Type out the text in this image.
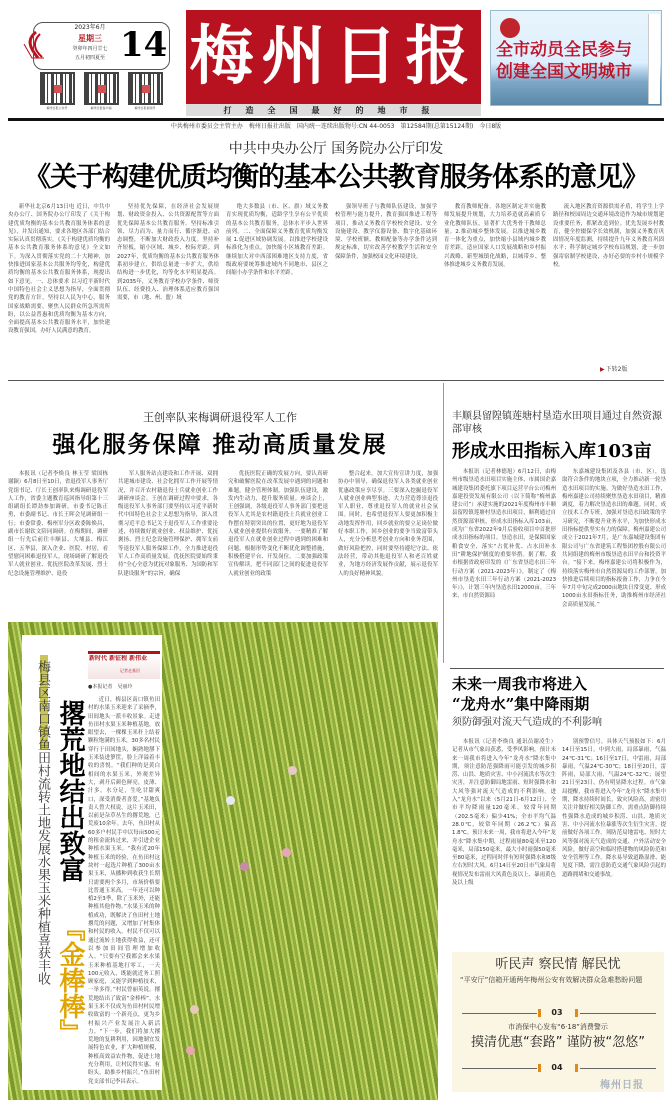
2023年6月
星期三
癸卯年四月廿七
五月初四夏至 14
梅州日报公众号	梅州日报客户端	梅州日报视频号
梅州日报
打造全国最好的地市报
全市动员全民参与
创建全国文明城市
中共梅州市委员会主管主办　梅州日报社出版　国内统一连续出版物号:CN 44-0053　第12584期(总第15124期)　今日8版
中共中央办公厅 国务院办公厅印发
《关于构建优质均衡的基本公共教育服务体系的意见》

新华社北京6月13日电 近日，中共中央办公厅、国务院办公厅印发了《关于构建优质均衡的基本公共教育服务体系的意见》，并发出通知，要求各地区各部门结合实际认真贯彻落实。《关于构建优质均衡的基本公共教育服务体系的意见》全文如下。为深入贯彻落实党的二十大精神，加快推进国家基本公共服务均等化，构建优质均衡的基本公共教育服务体系，现提出如下意见。一、总体要求 以习近平新时代中国特色社会主义思想为指导，全面贯彻党的教育方针，坚持以人民为中心，服务国家战略需要，聚焦人民群众所急所需所盼，以公益普惠和优质均衡为基本方向，全面提高基本公共教育服务水平，加快建设教育强国，办好人民满意的教育。

坚持优先保障，在经济社会发展规划、财政资金投入、公共资源配置等方面优先保障基本公共教育服务。坚持标准引领、尽力而为、量力而行、循序渐进、动态调整，不断加大财政投入力度。坚持补齐短板，缩小区域、城乡、校际差距。到2027年，优质均衡的基本公共教育服务体系初步建立，供给总量进一步扩大，供给结构进一步优化，均等化水平明显提高。到2035年，义务教育学校办学条件、师资队伍、经费投入、治理体系适应教育强国需要，市（地、州、盟）域

绝大多数县（市、区、旗）域义务教育实现优质均衡，适龄学生享有公平优质的基本公共教育服务，总体水平步入世界前列。二、全面保障义务教育优质均衡发展 1.促进区域协调发展。以推进学校建设标准化为重点，加快缩小区域教育差距。继续加大对中西部困难地区支持力度，省级政府要统筹推进域内不同地市、县区之间缩小办学条件和水平差距。

强领导班子与教师队伍建设，加强学校管理与能力提升，教育强国推进工程等项目，推动义务教育学校校舍建设、安全设施建设、教学仪器设备、数字化基础环境、学校班额、教师配备等办学条件达到规定标准，切实改善学校教学生活和安全保障条件，加强校园文化环境建设。

教育教师配备。各地区制定并实施教师发展提升规划，大力培养造就高素质专业化教师队伍，显著扩大优秀骨干教师总量。2.推动城乡整体发展。以推进城乡教育一体化为重点，加快缩小县域内城乡教育差距。适应国家人口发展战略和乡村振兴战略、新型城镇化战略，以城带乡、整体推进城乡义务教育发展。

流入地区教育资源供需矛盾，将学生上学路径和校园周边交通环境改造作为城市规划建设重要任务，抓紧改造到位。优先发展乡村教育，健全控辍保学长效机制，加强义务教育巩固情况年度监测，持续提升九年义务教育巩固水平；科学制定城乡学校布局规划，进一步加强寄宿制学校建设，办好必要的乡村小规模学校。

▶ 下转2版
王创率队来梅调研退役军人工作
强化服务保障 推动高质量发展

本报讯（记者李焕良 林玉莹 梁国栋 谢颖）6月8日至10日，省退役军人事务厅党组书记、厅长王创率队来梅调研退役军人工作，省委主题教育巡回指导组第十三组副组长谭劲参加调研。市委书记陈正勇，市委副书记、市长王晖会见调研组一行；市委常委、梅州军分区政委陈焕昌，副市长谢钦文陪同调研。在梅期间，调研组一行先后前往丰顺县、大埔县、梅江区、五华县，深入企业、医院、村居，看望慰问困难退役军人，现场调研了解退役军人就业创业、优抚医院改革发展、烈士纪念设施管理维护、退役

军人服务站点建设和工作开展、双拥共建城市建设、社会化拥军工作开展等情况，并召开农村籍退役士兵就业创业工作调研座谈会。王创在调研过程中要求，各级退役军人事务部门要坚持以习近平新时代中国特色社会主义思想为指导，深入贯彻习近平总书记关于退役军人工作重要论述，持续做好就业创业、权益维护、优抚褒扬、烈士纪念设施管理保护、拥军支前等退役军人服务保障工作，全力推进退役军人工作高质量发展。优抚医院要始终秉持“全心全意为优抚对象服务、为国防和军队建设服务”的宗旨，确保

优抚医院正确的发展方向，要认真研究和破解医院在改革发展中遇到的问题和难题，健全管理体制，加强队伍建设，激发内生动力，提升服务质量。座谈会上，王创强调，各级退役军人事务部门要把退役军人尤其是农村籍退役士兵就业创业工作摆在特别突出的位置，更好地为退役军人就业创业提供有效服务。一要精准了解退役军人在就业创业过程中遇到的困难和问题，根据形势变化不断优化调整措施，积极搭建平台、开发岗位。二要加强政策宣传解读，把不同部门之间的促进退役军人就业创业的政策

整合起来，加大宣传宣讲力度，加强协办中领导，确保退役军人各类就业创业优惠政策应享尽享。三要深入挖掘退役军人就业创业典型事迹，大力营造尊崇退役军人职业、尊重退役军人的就业社会氛围。同时，也希望退役军人要更加积极主动地发挥作用，回乡就业的要立足岗位做好本职工作，回乡创业的要争当致富带头人，充分分析思考创业方向和业务范围，做好风险把控，同时要坚持遵纪守法、依法经营，带动其他退役军人和老百姓就业，为地方经济发展作贡献，展示退役军人的良好精神风貌。

丰顺县留隍镇莲塘村垦造水田项目通过自然资源部审核
形成水田指标入库103亩

本报讯（记者林德旭）6月12日，由梅州市级垦造水田项目实施主体、市属国企嘉城建设集团委托旗下项目运营平台公司梅州嘉建投资发展有限公司（以下简称“梅州嘉建公司”）承建实施的2021年度梅州市丰顺县留隍镇莲塘村垦造水田项目，顺利通过自然资源部审核，形成水田指标入库103亩，成为广东省2022年9月后验收项目中首批形成水田指标的项目。垦造水田，是保障国家粮食安全，落实“占优补优、占水田补水田”耕地保护制度的重要举措。据了解，我市根据省政府印发的《广东省垦造水田三年行动方案（2021-2023年）》，制定了《梅州市垦造水田三年行动方案（2021-2023年）》，计划三年内垦造水田12000亩。三年来，市自然资源局

东嘉城建设集团及各县（市、区），选取符合条件的地块立项，全力推动新一轮垦造水田项目的实施。为做好垦造水田工作，梅州嘉建公司持续聚焦垦造水田项目，精准调度，着力解决垦造水田的难题。同时，成立技术工作专班，加强对垦造水田政策的学习研究，不断提升业务水平，为加快形成水田指标提供坚实有力的保障。梅州嘉建公司成立于2021年7月，是广东嘉城建设集团有限公司与广东省建筑工程集团控股有限公司共同组建的梅州市级垦造水田平台和投资平台。“接下来，梅州嘉建公司将积极作为，持续落实梅州市自然资源局的工作部署，加快推进后续项目的指标报备工作，力争在今年7月中旬完成2000亩地块日常变更、形成1000亩水田指标任务，助推梅州市经济社会高质量发展。”

梅县区南口镇鱼田村流转土地发展水果玉米种植喜获丰收 撂荒地结出致富
『金棒棒』
新时代 新征程 新伟业
记者走基层
●本报记者　吴丽玲

近日，梅县区南口镇鱼田村的水果玉米迎来了采摘季，田间地头一派丰收景象。走进鱼田村水果玉米种植基地，放眼望去，一棵棵玉米秆上结着颗粒饱满的玉米，30多名村民穿行于田间地头，娴熟地掰下玉米装进箩筐，脸上洋溢着丰收的喜悦。“我们种的是黄白相间的水果玉米，外观差异大，剥开后颜色鲜亮，皮薄、汁多，水分足，生吃甘甜爽口，深受消费者喜爱。”基地负责人曾大权说。这片玉米田，以前是杂草丛生的撂荒地，已荒废10余年。去年，鱼田村从60多户村民手中以每亩500元的租金流转过来，并引进企业种植水果玉米。“我有近20年种植玉米的经验，在鱼田村这块村一起选片种植了300亩水果玉米，从播种到收获生长期只需要两个多月，市场价格要比普通玉米高。一年还可以种植2至3季，除了玉米外，还能种植其他作物。”水果玉米的种植成功，既解决了鱼田村土地撂荒的问题，又增加了村集体和村民的收入。村民不仅可以通过流转土地获得收益，还可以参加田间管理增加收入。“只要有空我都会来水果玉米种植基地打零工，一天100元收入，既能就近务工照顾家庭，又能学到种植技术，一举多得。”村民曾丽英说。撂荒地结出了致富“金棒棒”，水果玉米不仅成为鱼田村村民增收致富的一个新亮点，更为乡村振兴产业发展注入新活力。“下一步，我们将加大撂荒地的复耕利用，因地制宜发展特色农业，扩大种植规模，种植高效益农作物，促进土地充分利用，让村民得实惠、有盼头，助推乡村振兴。”鱼田村党支部书记李昌表示。

未来一周我市将进入
“龙舟水”集中降雨期
须防御强对流天气造成的不利影响

本报讯（记者李焕良 通讯员谢凌生）记者从市气象局获悉，受季风影响，预计未来一周我市将进入今年“龙舟水”降水集中期，须注意防范强降雨可能引发的城乡积涝、山洪、地质灾害、中小河流洪水等次生灾害，并注意防御局地雷雨、短时强降水和大风等强对流天气造成的不利影响。进入“龙舟水”以来（5月21日-6月12日），全市平均降雨量120毫米，较常年同期（202.5毫米）偏少41%；全市平均气温28.0℃，较常年同期（26.2℃）偏高1.8℃。预计未来一周，我市将进入今年“龙舟水”降水集中期，过程雨量80毫米至120毫米，局部150毫米，最大小时雨强50毫米至80毫米，过程同时伴有短时强降水和8级左右短时大风。6月14日至20日市气象局将视情况发布雷雨大风黄色及以上、暴雨黄色及以上级

别预警信号。具体天气预报如下：6月14日至15日，中到大雨，局部暴雨，气温24℃-31℃；16日至17日，中雷雨，局部暴雨，气温24℃-30℃；18日至20日，雷阵雨，局部大雨，气温24℃-32℃；展望21日至23日，仍有明显降水过程。市气象局提醒，我市将进入今年“龙舟水”降水集中期，降水持续时间长，致灾风险高，需密切关注并做好相关防御工作。需重点防御持续性强降水造成的城乡积涝、山洪、地质灾害、中小河流水位暴涨等次生衍生灾害，提前做好各项工作。须防范局地雷电、短时大风等强对流天气造成的交通、户外活动安全风险，做好高空和临时搭建物的风险防范和安全管理等工作。降水易导致道路湿滑、能见度下降，需注意防范交通气象风险引起的道路拥堵和交通事故。

听民声 察民情 解民忧
“平安厅”信箱开通两年梅州公安有效解决群众急难愁盼问题
03
市消保中心发布“6·18”消费警示
摸清优惠“套路” 谨防被“忽悠”
04
梅州日报
